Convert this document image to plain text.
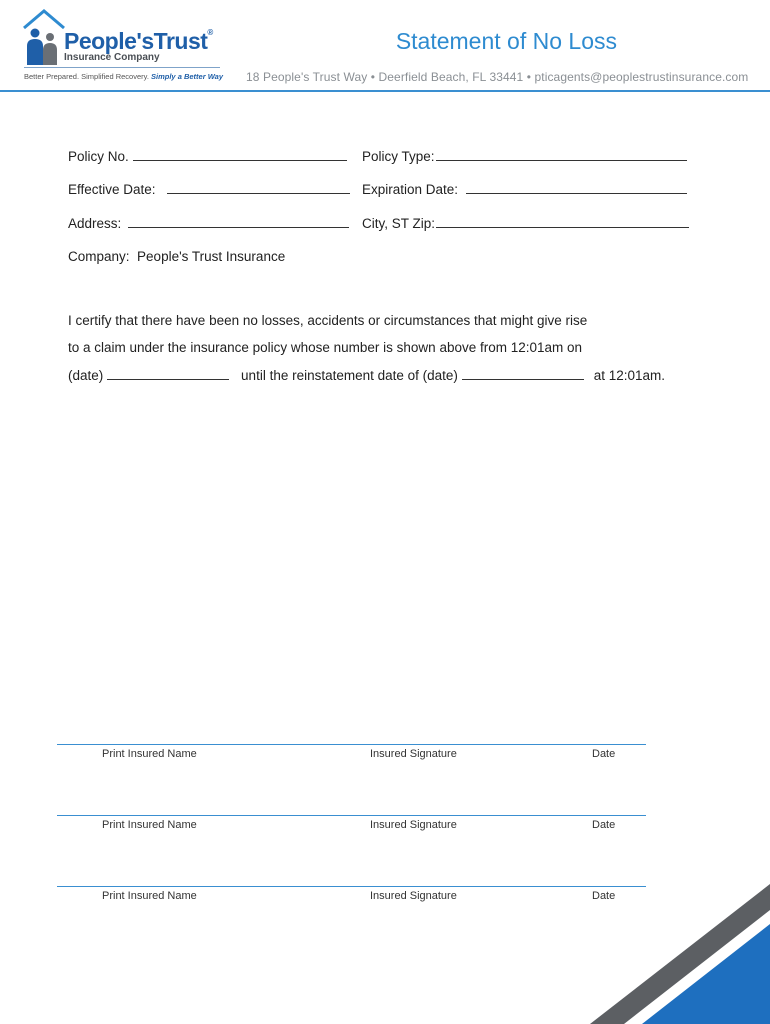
People'sTrust®
Insurance Company
Better Prepared. Simplified Recovery. Simply a Better Way
Statement of No Loss
18 People's Trust Way • Deerfield Beach, FL 33441 • pticagents@peoplestrustinsurance.com
Policy No.	Policy Type:
Effective Date:	Expiration Date:
Address:	City, ST Zip:
Company: People's Trust Insurance
I certify that there have been no losses, accidents or circumstances that might give rise
to a claim under the insurance policy whose number is shown above from 12:01am on
(date)	until the reinstatement date of (date)	at 12:01am.
Print Insured Name	Insured Signature	Date
Print Insured Name	Insured Signature	Date
Print Insured Name	Insured Signature	Date
